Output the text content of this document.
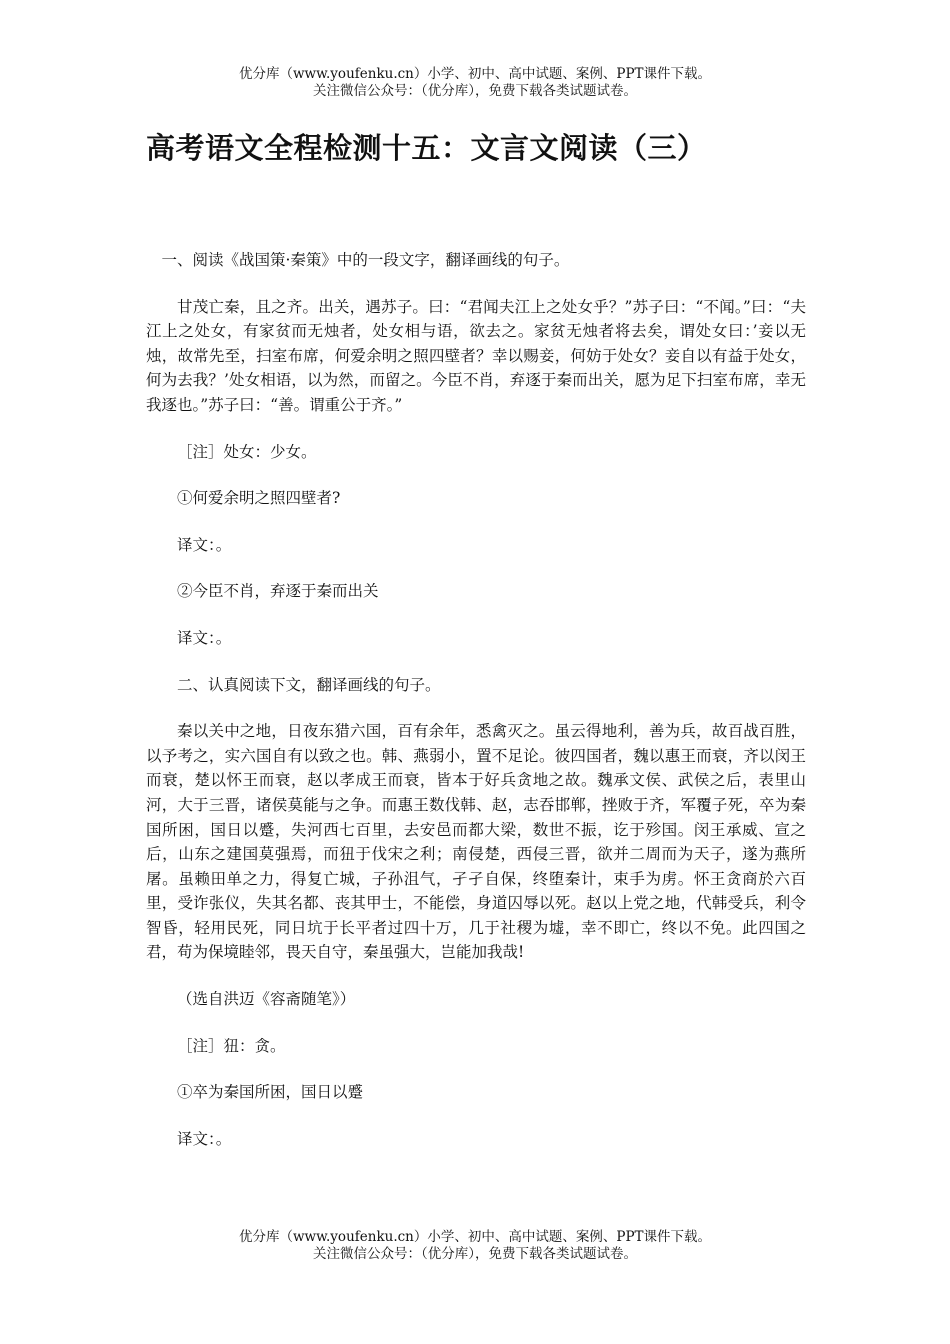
优分库（www.youfenku.cn）小学、初中、高中试题、案例、PPT课件下载。
关注微信公众号：（优分库），免费下载各类试题试卷。
高考语文全程检测十五：文言文阅读（三）

一、阅读《战国策·秦策》中的一段文字，翻译画线的句子。

甘茂亡秦，且之齐。出关，遇苏子。曰：“君闻夫江上之处女乎？”苏子曰：“不闻。”曰：“夫江上之处女，有家贫而无烛者，处女相与语，欲去之。家贫无烛者将去矣，谓处女曰：’妾以无烛，故常先至，扫室布席，何爱余明之照四壁者？幸以赐妾，何妨于处女？妾自以有益于处女，何为去我？’处女相语，以为然，而留之。今臣不肖，弃逐于秦而出关，愿为足下扫室布席，幸无我逐也。”苏子曰：“善。谓重公于齐。”

［注］处女：少女。

①何爱余明之照四壁者?

译文：。

②今臣不肖，弃逐于秦而出关

译文：。

二、认真阅读下文，翻译画线的句子。

秦以关中之地，日夜东猎六国，百有余年，悉禽灭之。虽云得地利，善为兵，故百战百胜，以予考之，实六国自有以致之也。韩、燕弱小，置不足论。彼四国者，魏以惠王而衰，齐以闵王而衰，楚以怀王而衰，赵以孝成王而衰，皆本于好兵贪地之故。魏承文侯、武侯之后，表里山河，大于三晋，诸侯莫能与之争。而惠王数伐韩、赵，志吞邯郸，挫败于齐，军覆子死，卒为秦国所困，国日以蹙，失河西七百里，去安邑而都大梁，数世不振，讫于殄国。闵王承威、宣之后，山东之建国莫强焉，而狃于伐宋之利；南侵楚，西侵三晋，欲并二周而为天子，遂为燕所屠。虽赖田单之力，得复亡城，子孙沮气，孑孑自保，终堕秦计，束手为虏。怀王贪商於六百里，受诈张仪，失其名都、丧其甲士，不能偿，身道囚辱以死。赵以上党之地，代韩受兵，利令智昏，轻用民死，同日坑于长平者过四十万，几于社稷为墟，幸不即亡，终以不免。此四国之君，苟为保境睦邻，畏天自守，秦虽强大，岂能加我哉!

（选自洪迈《容斋随笔》）

［注］狃：贪。

①卒为秦国所困，国日以蹙

译文：。

优分库（www.youfenku.cn）小学、初中、高中试题、案例、PPT课件下载。
关注微信公众号：（优分库），免费下载各类试题试卷。
